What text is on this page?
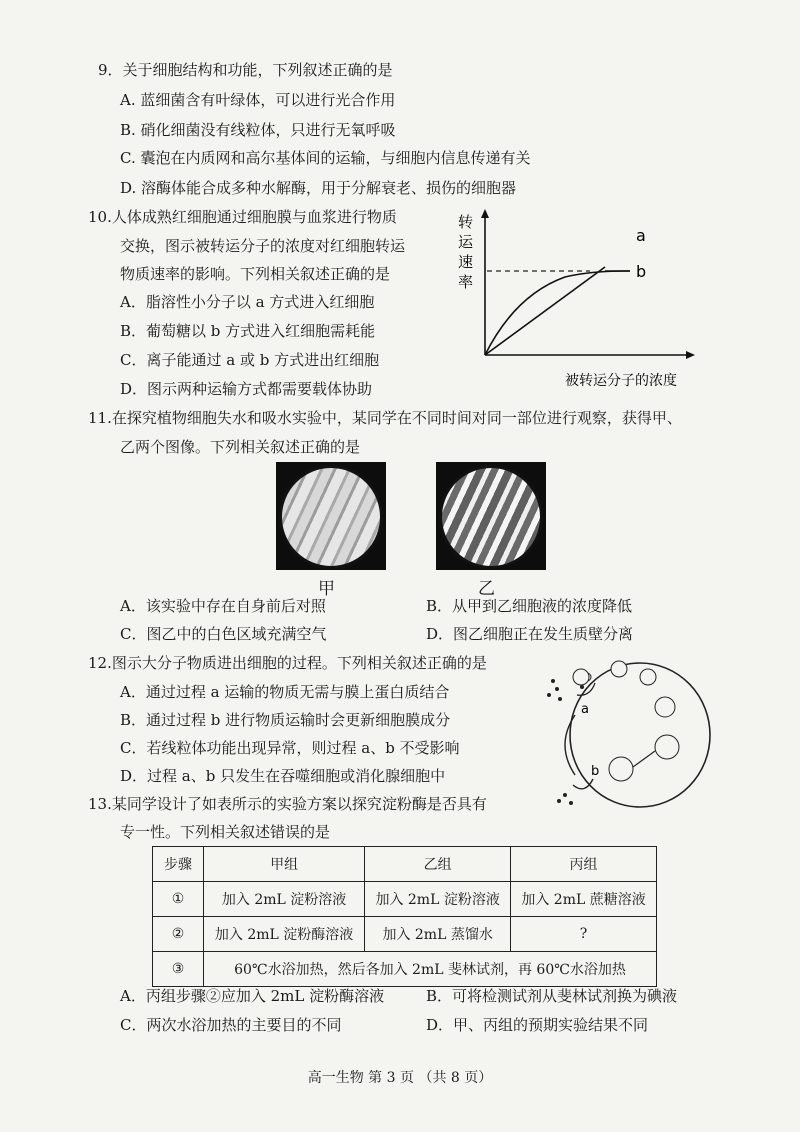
9．关于细胞结构和功能，下列叙述正确的是
A. 蓝细菌含有叶绿体，可以进行光合作用
B. 硝化细菌没有线粒体，只进行无氧呼吸
C. 囊泡在内质网和高尔基体间的运输，与细胞内信息传递有关
D. 溶酶体能合成多种水解酶，用于分解衰老、损伤的细胞器
10.人体成熟红细胞通过细胞膜与血浆进行物质
交换，图示被转运分子的浓度对红细胞转运
物质速率的影响。下列相关叙述正确的是
A．脂溶性小分子以 a 方式进入红细胞
B．葡萄糖以 b 方式进入红细胞需耗能
C．离子能通过 a 或 b 方式进出红细胞
D．图示两种运输方式都需要载体协助
转
运
速
率
a
b
被转运分子的浓度
11.在探究植物细胞失水和吸水实验中，某同学在不同时间对同一部位进行观察，获得甲、
乙两个图像。下列相关叙述正确的是
甲	乙
A．该实验中存在自身前后对照	B．从甲到乙细胞液的浓度降低
C．图乙中的白色区域充满空气	D．图乙细胞正在发生质壁分离
12.图示大分子物质进出细胞的过程。下列相关叙述正确的是
A．通过过程 a 运输的物质无需与膜上蛋白质结合
B．通过过程 b 进行物质运输时会更新细胞膜成分
C．若线粒体功能出现异常，则过程 a、b 不受影响
D．过程 a、b 只发生在吞噬细胞或消化腺细胞中
a
b
13.某同学设计了如表所示的实验方案以探究淀粉酶是否具有
专一性。下列相关叙述错误的是
步骤	甲组	乙组	丙组
①	加入 2mL 淀粉溶液	加入 2mL 淀粉溶液	加入 2mL 蔗糖溶液
②	加入 2mL 淀粉酶溶液	加入 2mL 蒸馏水	?
③	60℃水浴加热，然后各加入 2mL 斐林试剂，再 60℃水浴加热		
A．丙组步骤②应加入 2mL 淀粉酶溶液	B．可将检测试剂从斐林试剂换为碘液
C．两次水浴加热的主要目的不同	D．甲、丙组的预期实验结果不同
高一生物 第 3 页 （共 8 页）
